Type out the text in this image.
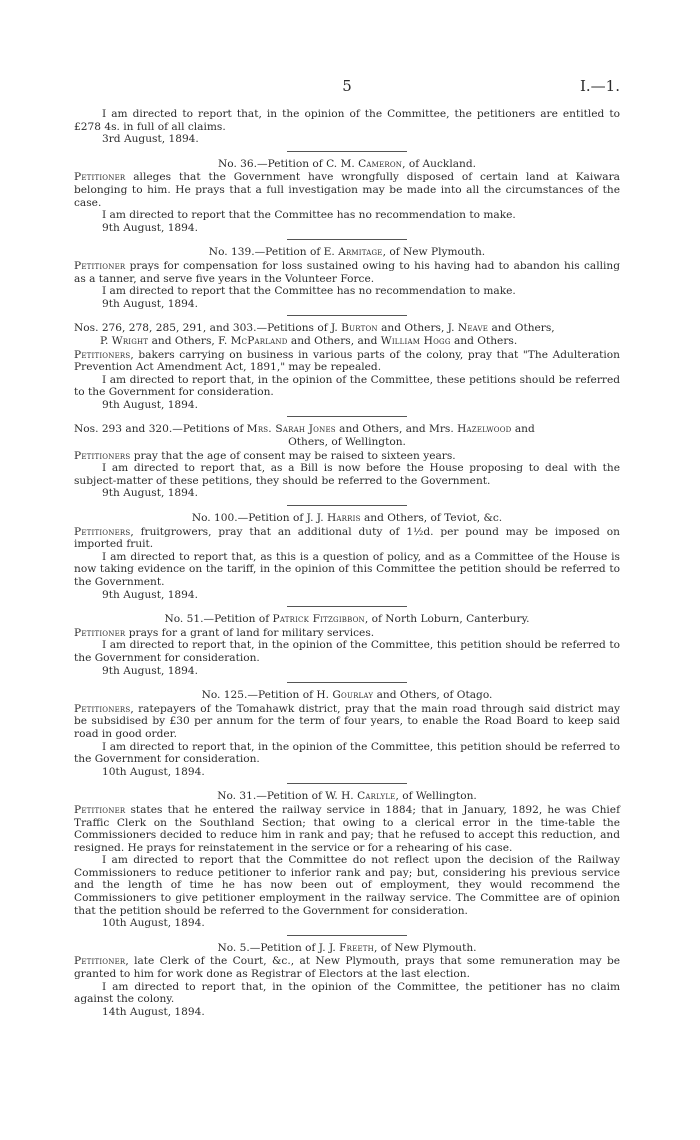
5	I.—1.

I am directed to report that, in the opinion of the Committee, the petitioners are entitled to £278 4s. in full of all claims.

3rd August, 1894.

No. 36.—Petition of C. M. Cameron, of Auckland.

Petitioner alleges that the Government have wrongfully disposed of certain land at Kaiwara belonging to him. He prays that a full investigation may be made into all the circumstances of the case.

I am directed to report that the Committee has no recommendation to make.

9th August, 1894.

No. 139.—Petition of E. Armitage, of New Plymouth.

Petitioner prays for compensation for loss sustained owing to his having had to abandon his calling as a tanner, and serve five years in the Volunteer Force.

I am directed to report that the Committee has no recommendation to make.

9th August, 1894.

Nos. 276, 278, 285, 291, and 303.—Petitions of J. Burton and Others, J. Neave and Others,
P. Wright and Others, F. McParland and Others, and William Hogg and Others.

Petitioners, bakers carrying on business in various parts of the colony, pray that "The Adulteration Prevention Act Amendment Act, 1891," may be repealed.

I am directed to report that, in the opinion of the Committee, these petitions should be referred to the Government for consideration.

9th August, 1894.

Nos. 293 and 320.—Petitions of Mrs. Sarah Jones and Others, and Mrs. Hazelwood and
Others, of Wellington.

Petitioners pray that the age of consent may be raised to sixteen years.

I am directed to report that, as a Bill is now before the House proposing to deal with the subject-matter of these petitions, they should be referred to the Government.

9th August, 1894.

No. 100.—Petition of J. J. Harris and Others, of Teviot, &c.

Petitioners, fruitgrowers, pray that an additional duty of 1½d. per pound may be imposed on imported fruit.

I am directed to report that, as this is a question of policy, and as a Committee of the House is now taking evidence on the tariff, in the opinion of this Committee the petition should be referred to the Government.

9th August, 1894.

No. 51.—Petition of Patrick Fitzgibbon, of North Loburn, Canterbury.

Petitioner prays for a grant of land for military services.

I am directed to report that, in the opinion of the Committee, this petition should be referred to the Government for consideration.

9th August, 1894.

No. 125.—Petition of H. Gourlay and Others, of Otago.

Petitioners, ratepayers of the Tomahawk district, pray that the main road through said district may be subsidised by £30 per annum for the term of four years, to enable the Road Board to keep said road in good order.

I am directed to report that, in the opinion of the Committee, this petition should be referred to the Government for consideration.

10th August, 1894.

No. 31.—Petition of W. H. Carlyle, of Wellington.

Petitioner states that he entered the railway service in 1884; that in January, 1892, he was Chief Traffic Clerk on the Southland Section; that owing to a clerical error in the time-table the Commissioners decided to reduce him in rank and pay; that he refused to accept this reduction, and resigned. He prays for reinstatement in the service or for a rehearing of his case.

I am directed to report that the Committee do not reflect upon the decision of the Railway Commissioners to reduce petitioner to inferior rank and pay; but, considering his previous service and the length of time he has now been out of employment, they would recommend the Commissioners to give petitioner employment in the railway service. The Committee are of opinion that the petition should be referred to the Government for consideration.

10th August, 1894.

No. 5.—Petition of J. J. Freeth, of New Plymouth.

Petitioner, late Clerk of the Court, &c., at New Plymouth, prays that some remuneration may be granted to him for work done as Registrar of Electors at the last election.

I am directed to report that, in the opinion of the Committee, the petitioner has no claim against the colony.

14th August, 1894.
